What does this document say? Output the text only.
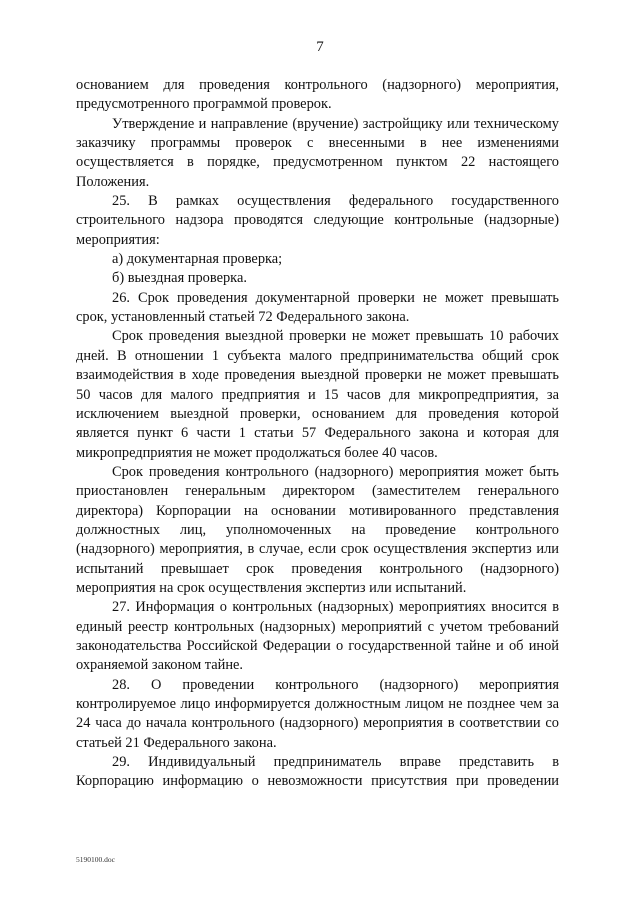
7

основанием для проведения контрольного (надзорного) мероприятия, предусмотренного программой проверок.

Утверждение и направление (вручение) застройщику или техническому заказчику программы проверок с внесенными в нее изменениями осуществляется в порядке, предусмотренном пунктом 22 настоящего Положения.

25. В рамках осуществления федерального государственного строительного надзора проводятся следующие контрольные (надзорные) мероприятия:

а) документарная проверка;

б) выездная проверка.

26. Срок проведения документарной проверки не может превышать срок, установленный статьей 72 Федерального закона.

Срок проведения выездной проверки не может превышать 10 рабочих дней. В отношении 1 субъекта малого предпринимательства общий срок взаимодействия в ходе проведения выездной проверки не может превышать 50 часов для малого предприятия и 15 часов для микропредприятия, за исключением выездной проверки, основанием для проведения которой является пункт 6 части 1 статьи 57 Федерального закона и которая для микропредприятия не может продолжаться более 40 часов.

Срок проведения контрольного (надзорного) мероприятия может быть приостановлен генеральным директором (заместителем генерального директора) Корпорации на основании мотивированного представления должностных лиц, уполномоченных на проведение контрольного (надзорного) мероприятия, в случае, если срок осуществления экспертиз или испытаний превышает срок проведения контрольного (надзорного) мероприятия на срок осуществления экспертиз или испытаний.

27. Информация о контрольных (надзорных) мероприятиях вносится в единый реестр контрольных (надзорных) мероприятий с учетом требований законодательства Российской Федерации о государственной тайне и об иной охраняемой законом тайне.

28. О проведении контрольного (надзорного) мероприятия контролируемое лицо информируется должностным лицом не позднее чем за 24 часа до начала контрольного (надзорного) мероприятия в соответствии со статьей 21 Федерального закона.

29. Индивидуальный предприниматель вправе представить в Корпорацию информацию о невозможности присутствия при проведении

5190100.doc
